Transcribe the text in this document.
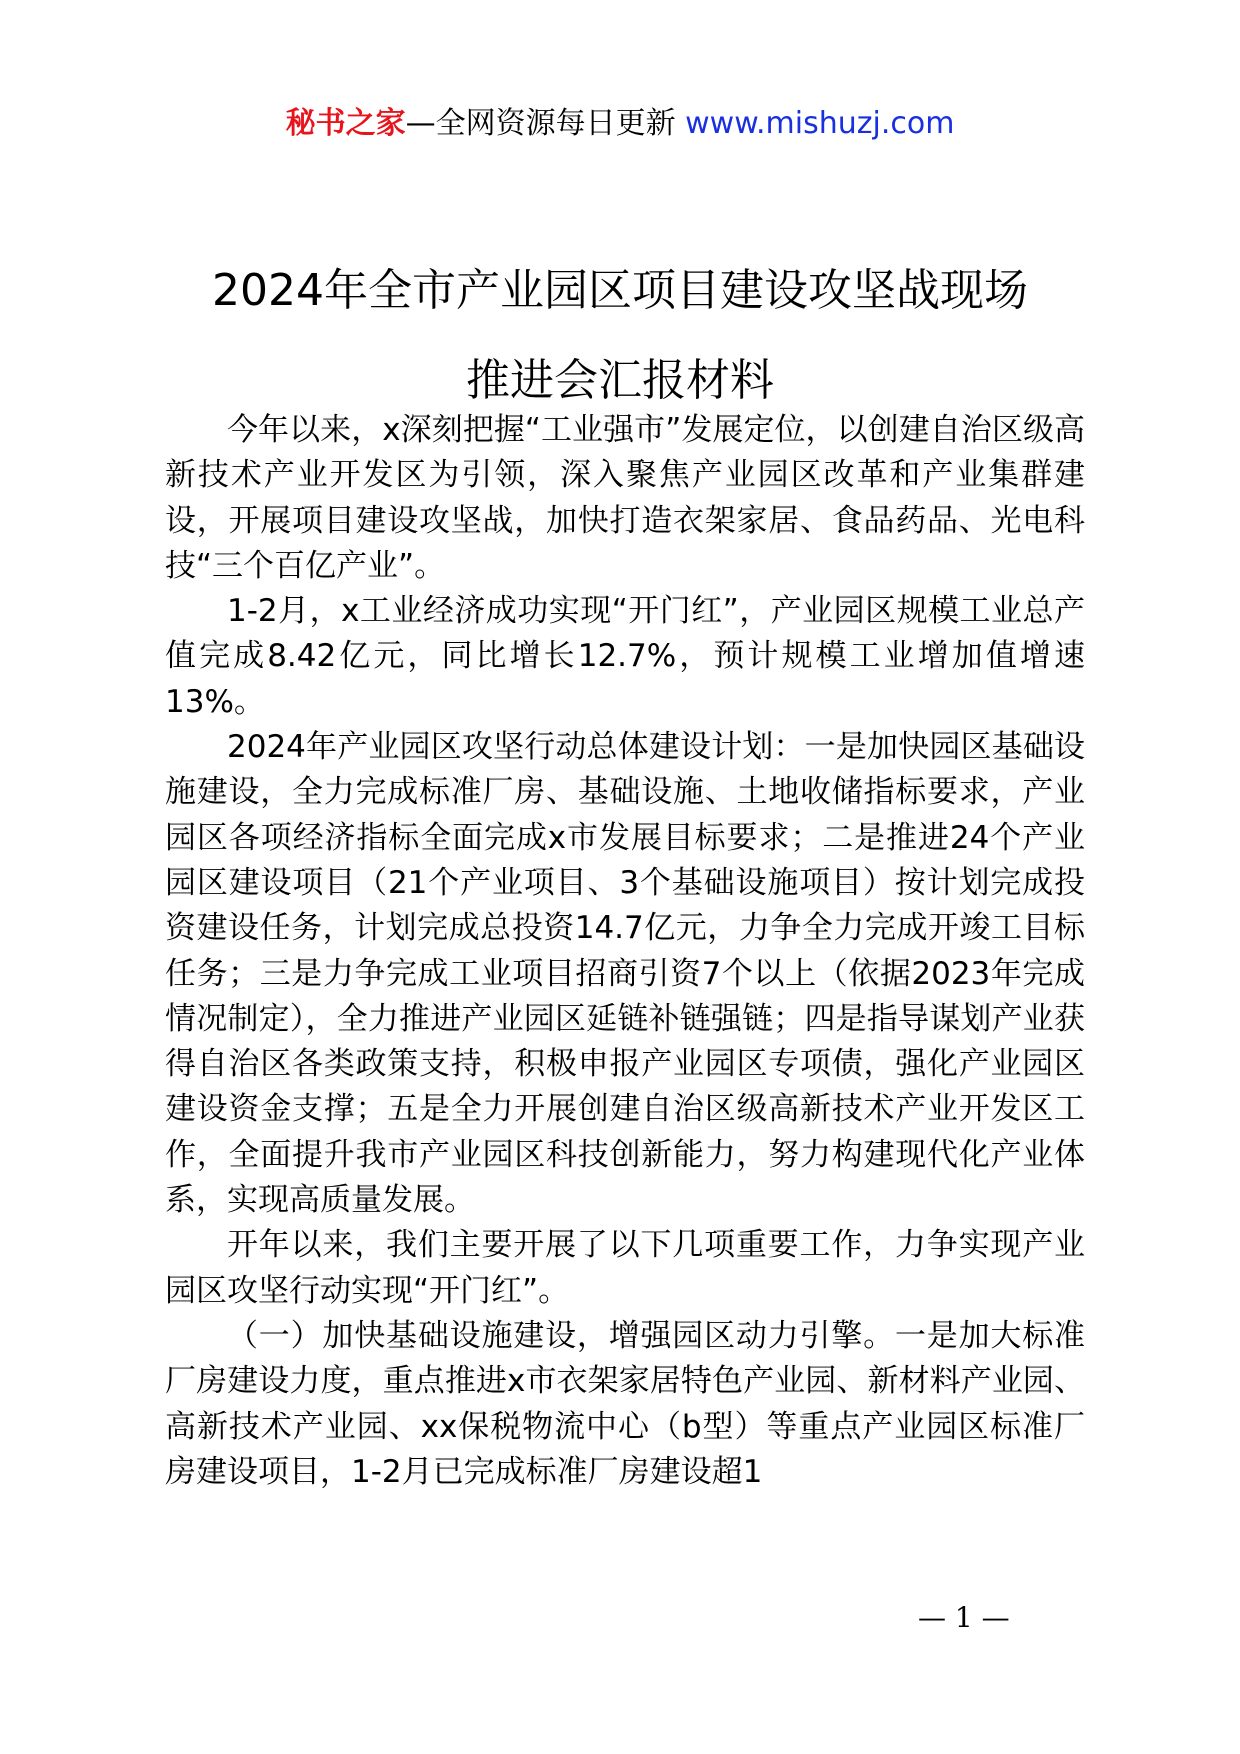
秘书之家—全网资源每日更新 www.mishuzj.com
2024年全市产业园区项目建设攻坚战现场
推进会汇报材料

今年以来，x深刻把握“工业强市”发展定位，以创建自治区级高新技术产业开发区为引领，深入聚焦产业园区改革和产业集群建设，开展项目建设攻坚战，加快打造衣架家居、食品药品、光电科技“三个百亿产业”。

1-2月，x工业经济成功实现“开门红”，产业园区规模工业总产值完成8.42亿元，同比增长12.7%，预计规模工业增加值增速13%。

2024年产业园区攻坚行动总体建设计划：一是加快园区基础设施建设，全力完成标准厂房、基础设施、土地收储指标要求，产业园区各项经济指标全面完成x市发展目标要求；二是推进24个产业园区建设项目（21个产业项目、3个基础设施项目）按计划完成投资建设任务，计划完成总投资14.7亿元，力争全力完成开竣工目标任务；三是力争完成工业项目招商引资7个以上（依据2023年完成情况制定），全力推进产业园区延链补链强链；四是指导谋划产业获得自治区各类政策支持，积极申报产业园区专项债，强化产业园区建设资金支撑；五是全力开展创建自治区级高新技术产业开发区工作，全面提升我市产业园区科技创新能力，努力构建现代化产业体系，实现高质量发展。

开年以来，我们主要开展了以下几项重要工作，力争实现产业园区攻坚行动实现“开门红”。

（一）加快基础设施建设，增强园区动力引擎。一是加大标准厂房建设力度，重点推进x市衣架家居特色产业园、新材料产业园、高新技术产业园、xx保税物流中心（b型）等重点产业园区标准厂房建设项目，1-2月已完成标准厂房建设超1

— 1 —
